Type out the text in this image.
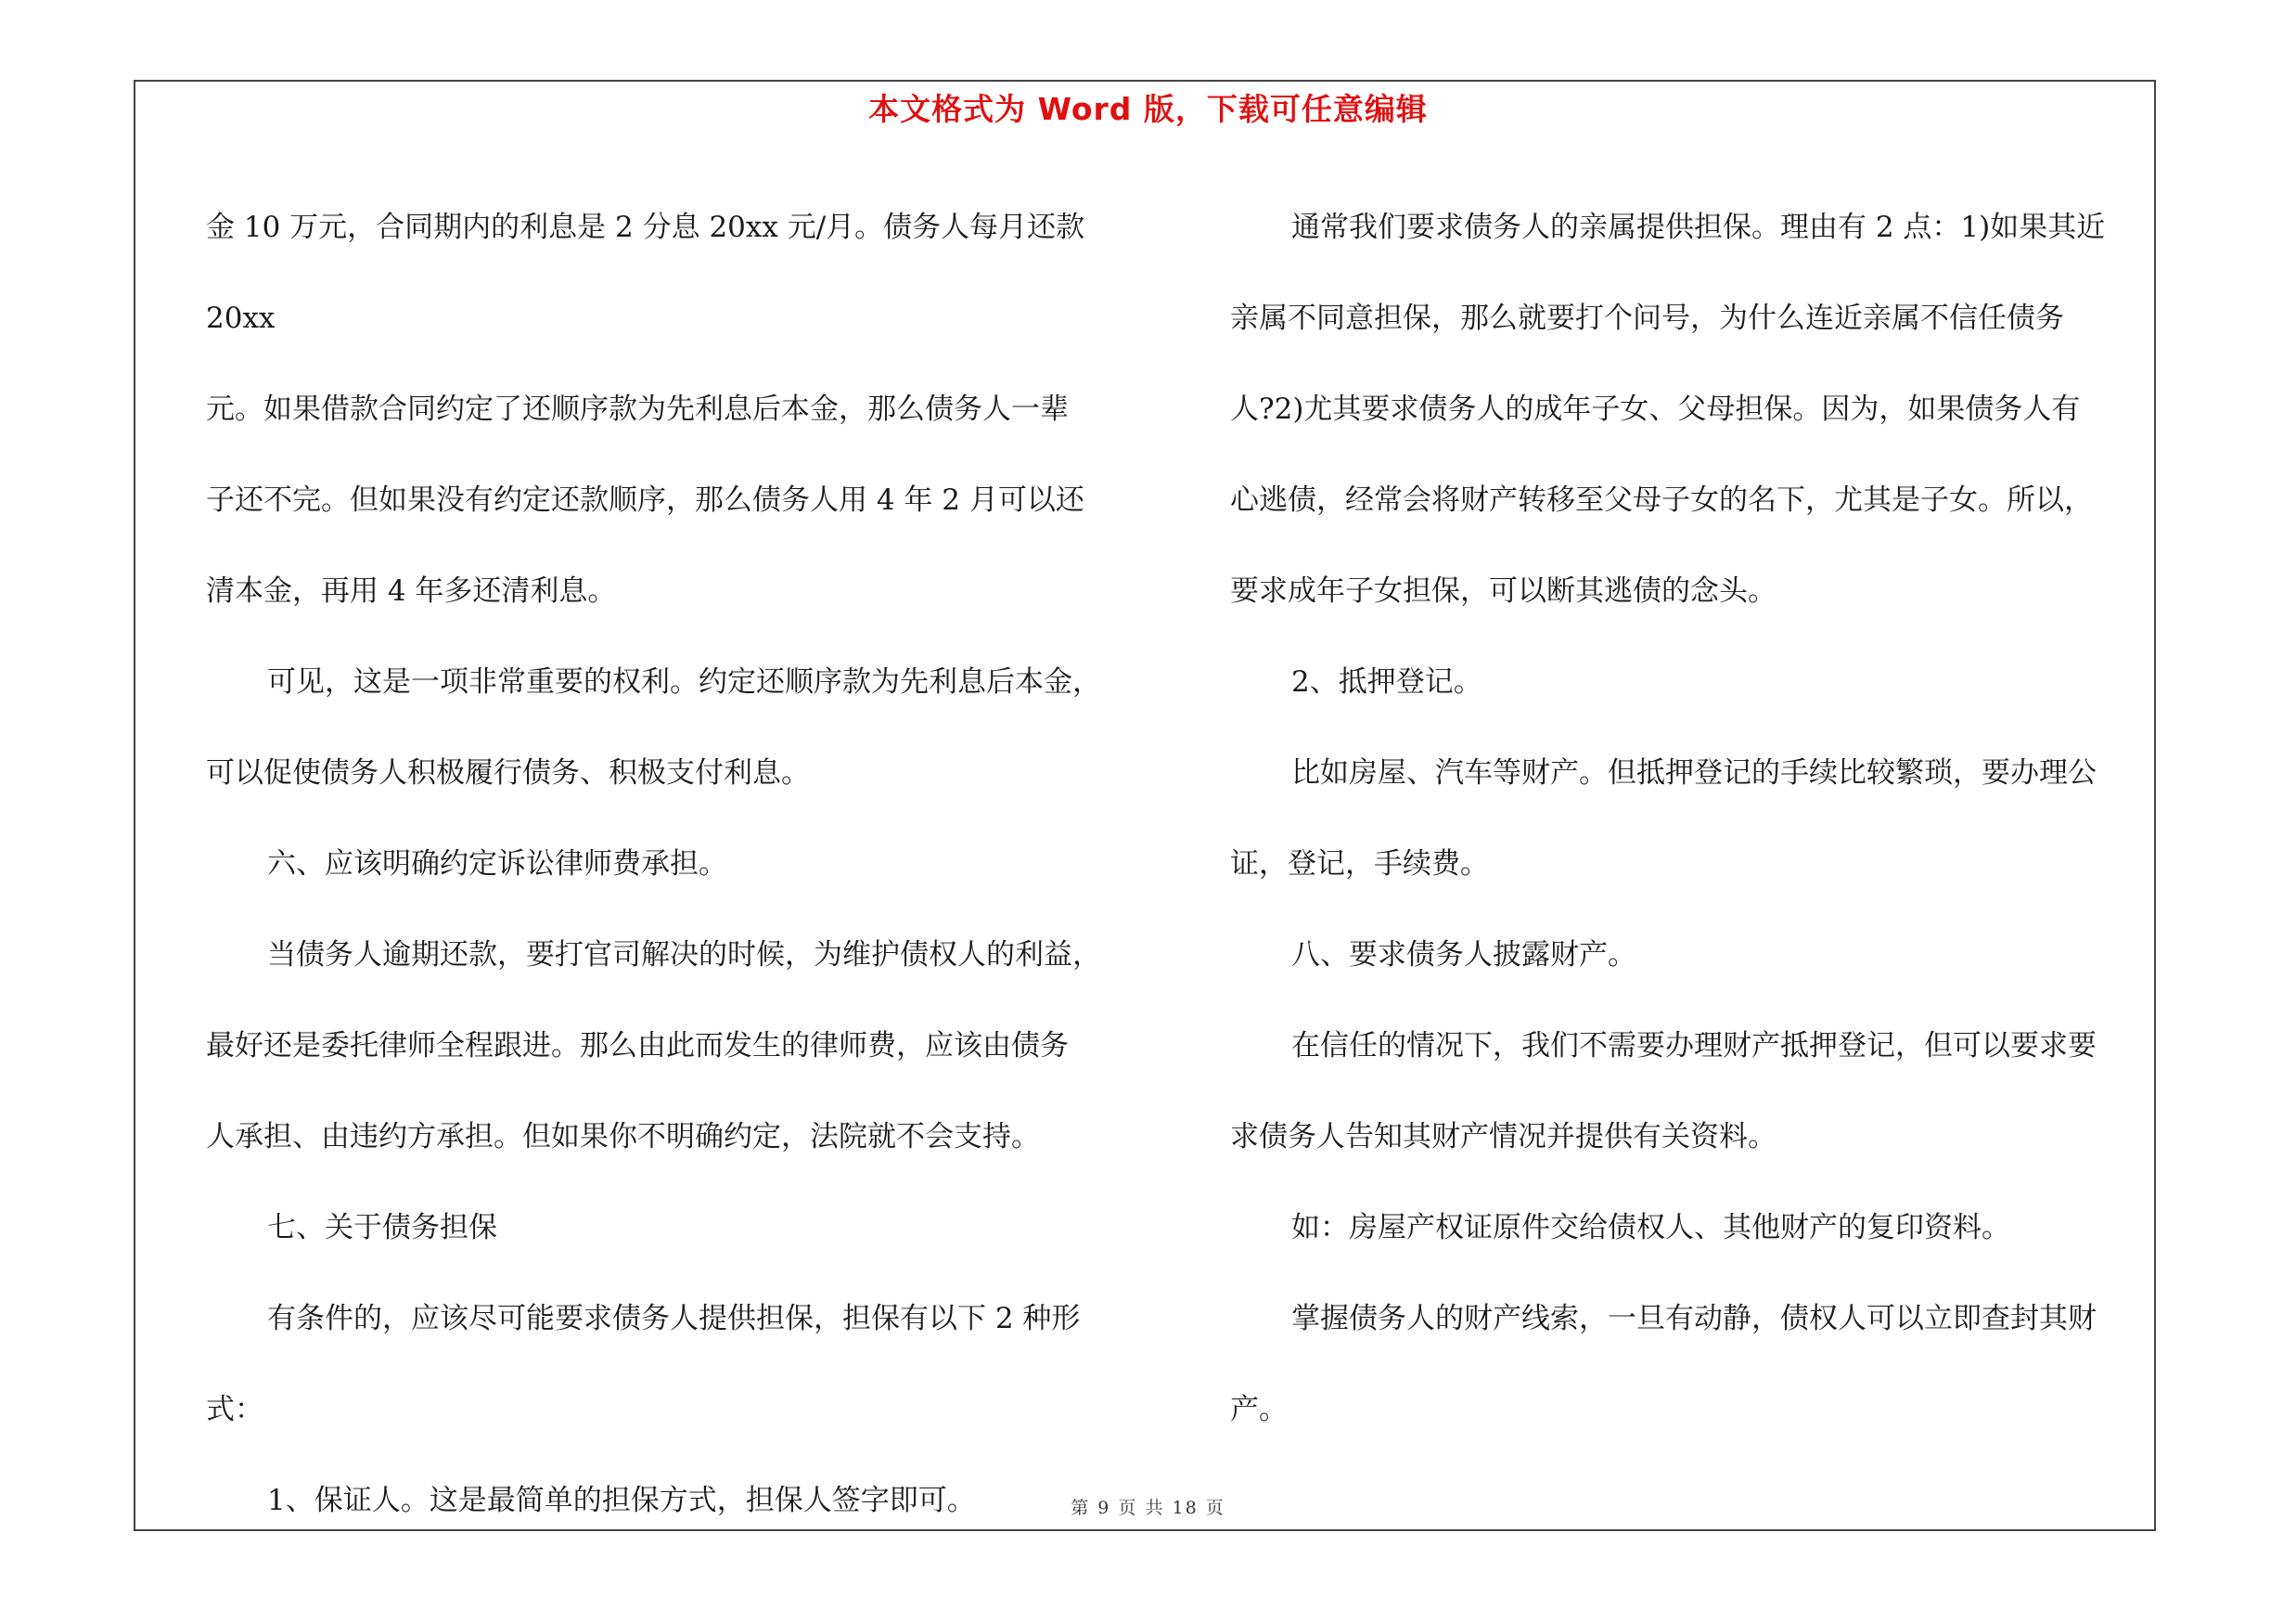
本文格式为 Word 版，下载可任意编辑

金 10 万元，合同期内的利息是 2 分息 20xx 元/月。债务人每月还款 20xx

元。如果借款合同约定了还顺序款为先利息后本金，那么债务人一辈

子还不完。但如果没有约定还款顺序，那么债务人用 4 年 2 月可以还

清本金，再用 4 年多还清利息。

可见，这是一项非常重要的权利。约定还顺序款为先利息后本金，

可以促使债务人积极履行债务、积极支付利息。

六、应该明确约定诉讼律师费承担。

当债务人逾期还款，要打官司解决的时候，为维护债权人的利益，

最好还是委托律师全程跟进。那么由此而发生的律师费，应该由债务

人承担、由违约方承担。但如果你不明确约定，法院就不会支持。

七、关于债务担保

有条件的，应该尽可能要求债务人提供担保，担保有以下 2 种形

式：

1、保证人。这是最简单的担保方式，担保人签字即可。

通常我们要求债务人的亲属提供担保。理由有 2 点：1)如果其近

亲属不同意担保，那么就要打个问号，为什么连近亲属不信任债务

人?2)尤其要求债务人的成年子女、父母担保。因为，如果债务人有

心逃债，经常会将财产转移至父母子女的名下，尤其是子女。所以，

要求成年子女担保，可以断其逃债的念头。

2、抵押登记。

比如房屋、汽车等财产。但抵押登记的手续比较繁琐，要办理公

证，登记，手续费。

八、要求债务人披露财产。

在信任的情况下，我们不需要办理财产抵押登记，但可以要求要

求债务人告知其财产情况并提供有关资料。

如：房屋产权证原件交给债权人、其他财产的复印资料。

掌握债务人的财产线索，一旦有动静，债权人可以立即查封其财

产。

第 9 页 共 18 页
